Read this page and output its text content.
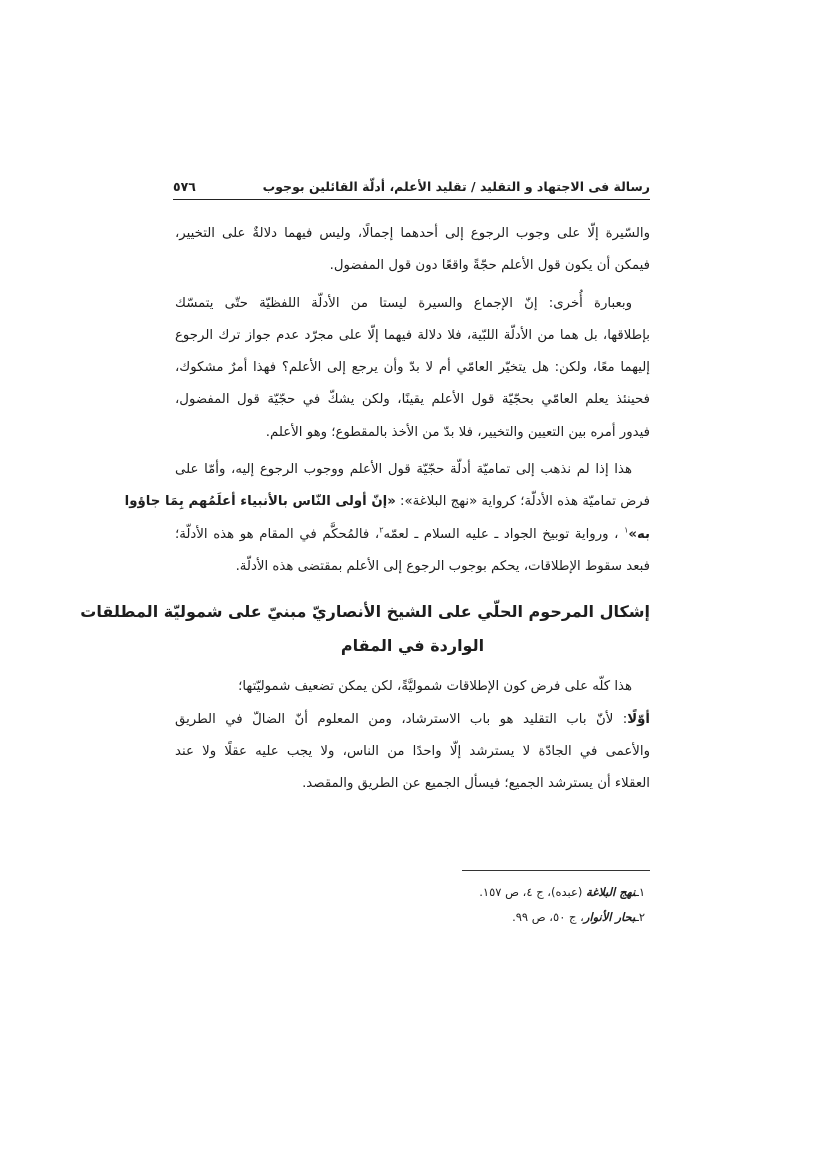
رسالة فى الاجتهاد و التقليد / تقليد الأعلم، أدلّة القائلين بوجوب
٥٧٦

والسّيرة إلّا على وجوب الرجوع إلى أحدهما إجمالًا، وليس فيهما دلالةٌ على التخيير،

فيمكن أن يكون قول الأعلم حجّةً واقعًا دون قول المفضول.

وبعبارة أُخرى: إنّ الإجماع والسيرة ليستا من الأدلّة اللفظيّة حتّى يتمسّك

بإطلاقها، بل هما من الأدلّة اللبّية، فلا دلالة فيهما إلّا على مجرّد عدم جواز ترك الرجوع

إليهما معًا، ولكن: هل يتخيّر العامّي أم لا بدّ وأن يرجع إلى الأعلم؟ فهذا أمرٌ مشكوك،

فحينئذ يعلم العامّي بحجّيّة قول الأعلم يقينًا، ولكن يشكّ في حجّيّة قول المفضول،

فيدور أمره بين التعيين والتخيير، فلا بدّ من الأخذ بالمقطوع؛ وهو الأعلم.

هذا إذا لم نذهب إلى تماميّة أدلّة حجّيّة قول الأعلم ووجوب الرجوع إليه، وأمّا على

فرض تماميّة هذه الأدلّة؛ كرواية «نهج البلاغة»: «إنّ أولى النّاس بالأنبياء أعلَمُهم بِمَا جاؤوا

به»$^١$ ، ورواية توبيخ الجواد ـ عليه السلام ـ لعمّه$^٢$، فالمُحكَّم في المقام هو هذه الأدلّة؛

فبعد سقوط الإطلاقات، يحكم بوجوب الرجوع إلى الأعلم بمقتضى هذه الأدلّة.

إشكال المرحوم الحلّي على الشيخ الأنصاريّ مبنيّ على شموليّة المطلقات
الواردة في المقام

هذا كلّه على فرض كون الإطلاقات شموليَّةً، لكن يمكن تضعيف شموليّتها؛

أوّلًا: لأنّ باب التقليد هو باب الاسترشاد، ومن المعلوم أنّ الضالّ في الطريق

والأعمى في الجادّة لا يسترشد إلّا واحدًا من الناس، ولا يجب عليه عقلًا ولا عند

العقلاء أن يسترشد الجميع؛ فيسأل الجميع عن الطريق والمقصد.

١ـنهج البلاغة (عبده)، ج ٤، ص ١٥٧.

٢ـبحار الأنوار، ج ٥٠، ص ٩٩.
